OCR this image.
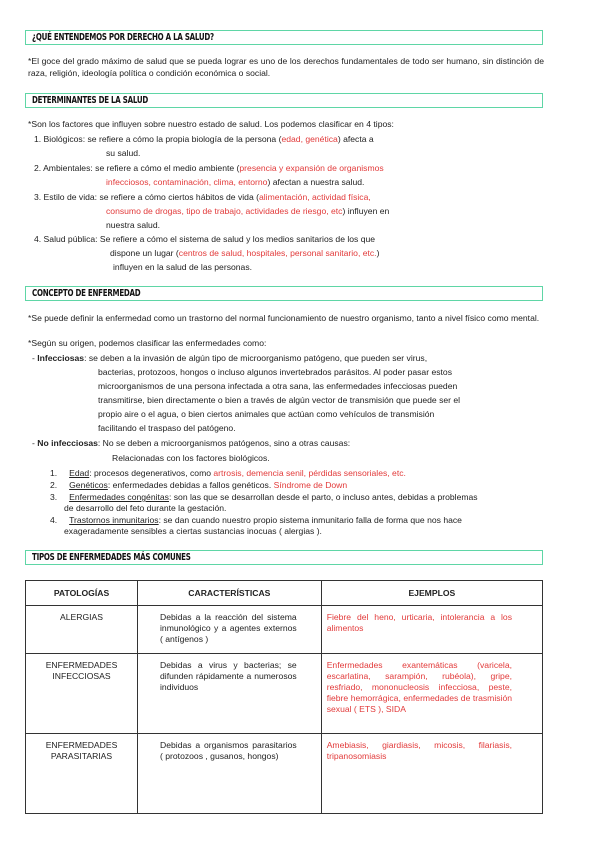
¿QUÉ ENTENDEMOS POR DERECHO A LA SALUD?
*El goce del grado máximo de salud que se pueda lograr es uno de los derechos fundamentales de todo ser humano, sin distinción de raza, religión, ideología política o condición económica o social.
DETERMINANTES DE LA SALUD
*Son los factores que influyen sobre nuestro estado de salud. Los podemos clasificar en 4 tipos:
1. Biológicos: se refiere a cómo la propia biología de la persona (edad, genética) afecta a
su salud.
2. Ambientales: se refiere a cómo el medio ambiente (presencia y expansión de organismos
infecciosos, contaminación, clima, entorno) afectan a nuestra salud.
3. Estilo de vida: se refiere a cómo ciertos hábitos de vida (alimentación, actividad física,
consumo de drogas, tipo de trabajo, actividades de riesgo, etc) influyen en
nuestra salud.
4. Salud pública: Se refiere a cómo el sistema de salud y los medios sanitarios de los que
dispone un lugar (centros de salud, hospitales, personal sanitario, etc.)
influyen en la salud de las personas.
CONCEPTO DE ENFERMEDAD
*Se puede definir la enfermedad como un trastorno del normal funcionamiento de nuestro organismo, tanto a nivel físico como mental.
*Según su origen, podemos clasificar las enfermedades como:
- Infecciosas: se deben a la invasión de algún tipo de microorganismo patógeno, que pueden ser virus,
bacterias, protozoos, hongos o incluso algunos invertebrados parásitos. Al poder pasar estos
microorganismos de una persona infectada a otra sana, las enfermedades infecciosas pueden
transmitirse, bien directamente o bien a través de algún vector de transmisión que puede ser el
propio aire o el agua, o bien ciertos animales que actúan como vehículos de transmisión
facilitando el traspaso del patógeno.
- No infecciosas: No se deben a microorganismos patógenos, sino a otras causas:
Relacionadas con los factores biológicos.
1. Edad: procesos degenerativos, como artrosis, demencia senil, pérdidas sensoriales, etc.
2. Genéticos: enfermedades debidas a fallos genéticos. Síndrome de Down
3. Enfermedades congénitas: son las que se desarrollan desde el parto, o incluso antes, debidas a problemas
de desarrollo del feto durante la gestación.
4. Trastornos inmunitarios: se dan cuando nuestro propio sistema inmunitario falla de forma que nos hace
exageradamente sensibles a ciertas sustancias inocuas ( alergias ).
TIPOS DE ENFERMEDADES MÁS COMUNES
PATOLOGÍAS	CARACTERÍSTICAS	EJEMPLOS
ALERGIAS	Debidas a la reacción del sistema inmunológico y a agentes externos ( antígenos )	Fiebre del heno, urticaria, intolerancia a los alimentos
ENFERMEDADES INFECCIOSAS	Debidas a virus y bacterias; se difunden rápidamente a numerosos individuos	Enfermedades exantemáticas (varicela, escarlatina, sarampión, rubéola), gripe, resfriado, mononucleosis infecciosa, peste, fiebre hemorrágica, enfermedades de trasmisión sexual ( ETS ), SIDA
ENFERMEDADES PARASITARIAS	Debidas a organismos parasitarios ( protozoos , gusanos, hongos)	Amebiasis, giardiasis, micosis, filariasis, tripanosomiasis
